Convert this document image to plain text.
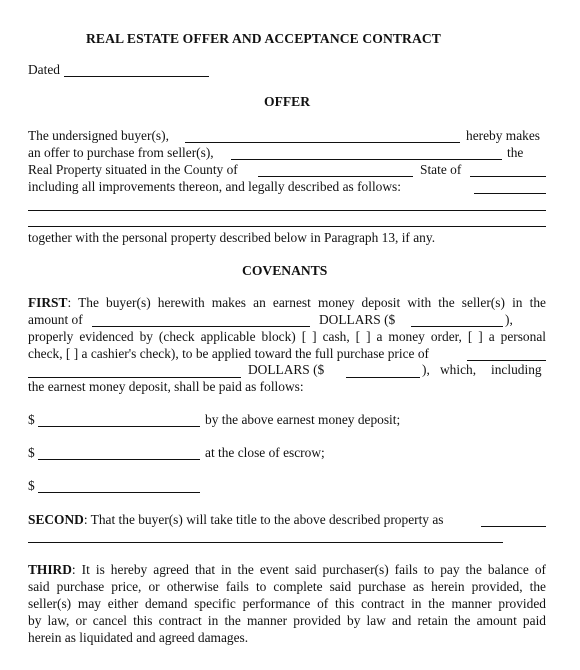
REAL ESTATE OFFER AND ACCEPTANCE CONTRACT
Dated
OFFER
The undersigned buyer(s),	hereby makes
an offer to purchase from seller(s),	the
Real Property situated in the County of	State of
including all improvements thereon, and legally described as follows:
together with the personal property described below in Paragraph 13, if any.
COVENANTS
FIRST: The buyer(s) herewith makes an earnest money deposit with the seller(s) in the
amount of	DOLLARS ($	),
properly evidenced by (check applicable block) [ ] cash, [ ] a money order, [ ] a personal
check, [ ] a cashier's check), to be applied toward the full purchase price of
DOLLARS ($	), which, including
the earnest money deposit, shall be paid as follows:
$	by the above earnest money deposit;
$	at the close of escrow;
$
SECOND: That the buyer(s) will take title to the above described property as
THIRD: It is hereby agreed that in the event said purchaser(s) fails to pay the balance of
said purchase price, or otherwise fails to complete said purchase as herein provided, the
seller(s) may either demand specific performance of this contract in the manner provided
by law, or cancel this contract in the manner provided by law and retain the amount paid
herein as liquidated and agreed damages.
